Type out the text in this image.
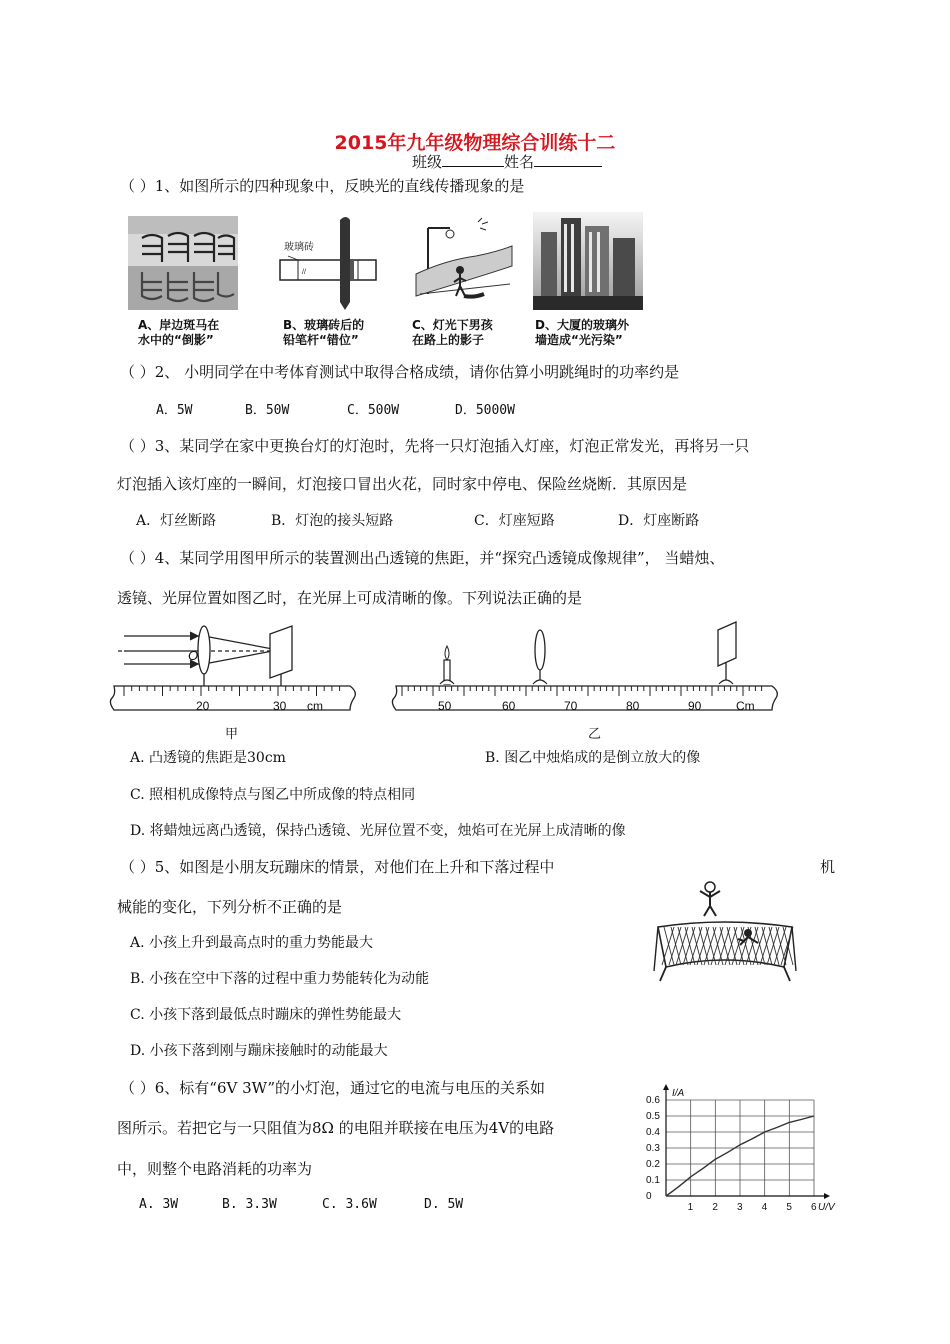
2015年九年级物理综合训练十二
班级	姓名
（ ）1、如图所示的四种现象中，反映光的直线传播现象的是
//
玻璃砖
A、岸边斑马在
水中的“倒影”
B、玻璃砖后的
铅笔杆“错位”
C、灯光下男孩
在路上的影子
D、大厦的玻璃外
墙造成“光污染”
（ ）2、 小明同学在中考体育测试中取得合格成绩，请你估算小明跳绳时的功率约是
A．5W	B．50W	C．500W	D．5000W
（ ）3、某同学在家中更换台灯的灯泡时，先将一只灯泡插入灯座，灯泡正常发光，再将另一只
灯泡插入该灯座的一瞬间，灯泡接口冒出火花，同时家中停电、保险丝烧断．其原因是
A．灯丝断路	B．灯泡的接头短路	C．灯座短路	D．灯座断路
（ ）4、某同学用图甲所示的装置测出凸透镜的焦距，并“探究凸透镜成像规律”， 当蜡烛、
透镜、光屏位置如图乙时，在光屏上可成清晰的像。下列说法正确的是
O
20	30 cm
甲
50	60	70	80	90	Cm
乙
A. 凸透镜的焦距是30cm	B. 图乙中烛焰成的是倒立放大的像
C. 照相机成像特点与图乙中所成像的特点相同
D. 将蜡烛远离凸透镜，保持凸透镜、光屏位置不变，烛焰可在光屏上成清晰的像
（ ）5、如图是小朋友玩蹦床的情景，对他们在上升和下落过程中	机
械能的变化，下列分析不正确的是
A. 小孩上升到最高点时的重力势能最大
B. 小孩在空中下落的过程中重力势能转化为动能
C. 小孩下落到最低点时蹦床的弹性势能最大
D. 小孩下落到刚与蹦床接触时的动能最大
（ ）6、标有“6V 3W”的小灯泡，通过它的电流与电压的关系如
图所示。若把它与一只阻值为8Ω 的电阻并联接在电压为4V的电路
中，则整个电路消耗的功率为
A. 3W	B. 3.3W	C. 3.6W	D. 5W	1 2 3 4 5 6
0
0.1
0.2
0.3
0.4
0.5
0.6
I/A
U/V
